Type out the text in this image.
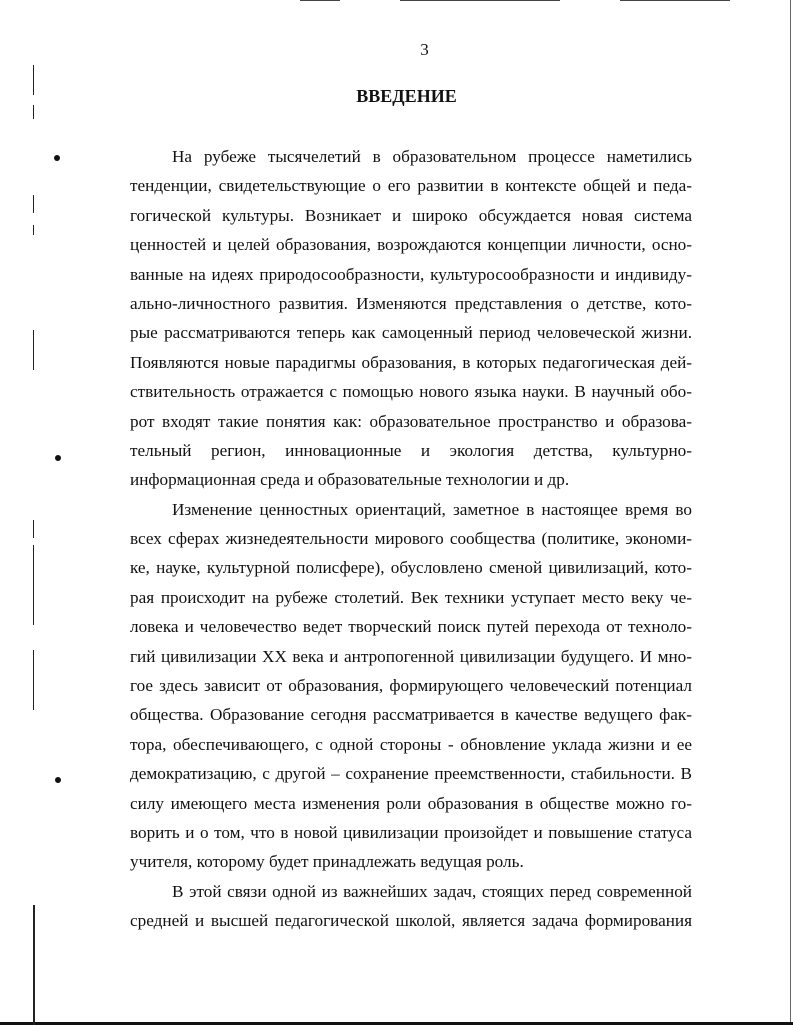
3
ВВЕДЕНИЕ
На рубеже тысячелетий в образовательном процессе наметились
тенденции, свидетельствующие о его развитии в контексте общей и педа-
гогической культуры. Возникает и широко обсуждается новая система
ценностей и целей образования, возрождаются концепции личности, осно-
ванные на идеях природосообразности, культуросообразности и индивиду-
ально-личностного развития. Изменяются представления о детстве, кото-
рые рассматриваются теперь как самоценный период человеческой жизни.
Появляются новые парадигмы образования, в которых педагогическая дей-
ствительность отражается с помощью нового языка науки. В научный обо-
рот входят такие понятия как: образовательное пространство и образова-
тельный регион, инновационные и экология детства, культурно-
информационная среда и образовательные технологии и др.
Изменение ценностных ориентаций, заметное в настоящее время во
всех сферах жизнедеятельности мирового сообщества (политике, экономи-
ке, науке, культурной полисфере), обусловлено сменой цивилизаций, кото-
рая происходит на рубеже столетий. Век техники уступает место веку че-
ловека и человечество ведет творческий поиск путей перехода от техноло-
гий цивилизации XX века и антропогенной цивилизации будущего. И мно-
гое здесь зависит от образования, формирующего человеческий потенциал
общества. Образование сегодня рассматривается в качестве ведущего фак-
тора, обеспечивающего, с одной стороны - обновление уклада жизни и ее
демократизацию, с другой – сохранение преемственности, стабильности. В
силу имеющего места изменения роли образования в обществе можно го-
ворить и о том, что в новой цивилизации произойдет и повышение статуса
учителя, которому будет принадлежать ведущая роль.
В этой связи одной из важнейших задач, стоящих перед современной
средней и высшей педагогической школой, является задача формирования
